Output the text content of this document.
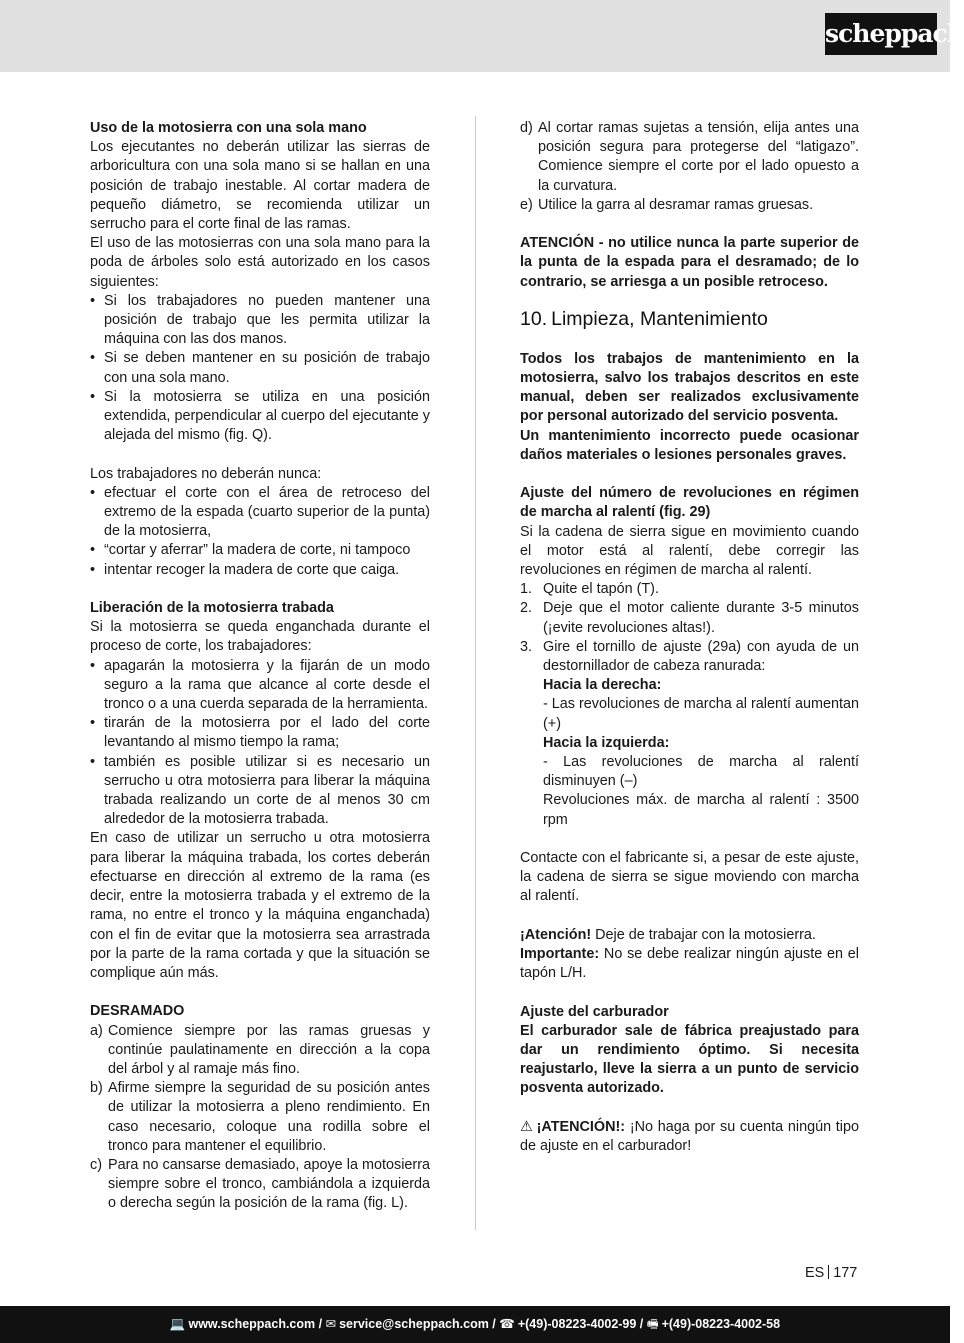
scheppach

Uso de la motosierra con una sola mano

Los ejecutantes no deberán utilizar las sierras de arboricultura con una sola mano si se hallan en una posición de trabajo inestable. Al cortar madera de pequeño diámetro, se recomienda utilizar un serrucho para el corte final de las ramas.

El uso de las motosierras con una sola mano para la poda de árboles solo está autorizado en los casos siguientes:

• Si los trabajadores no pueden mantener una posición de trabajo que les permita utilizar la máquina con las dos manos.
• Si se deben mantener en su posición de trabajo con una sola mano.
• Si la motosierra se utiliza en una posición extendida, perpendicular al cuerpo del ejecutante y alejada del mismo (fig. Q).

Los trabajadores no deberán nunca:

• efectuar el corte con el área de retroceso del extremo de la espada (cuarto superior de la punta) de la motosierra,
• “cortar y aferrar” la madera de corte, ni tampoco
• intentar recoger la madera de corte que caiga.

Liberación de la motosierra trabada

Si la motosierra se queda enganchada durante el proceso de corte, los trabajadores:

• apagarán la motosierra y la fijarán de un modo seguro a la rama que alcance al corte desde el tronco o a una cuerda separada de la herramienta.
• tirarán de la motosierra por el lado del corte levantando al mismo tiempo la rama;
• también es posible utilizar si es necesario un serrucho u otra motosierra para liberar la máquina trabada realizando un corte de al menos 30 cm alrededor de la motosierra trabada.

En caso de utilizar un serrucho u otra motosierra para liberar la máquina trabada, los cortes deberán efectuarse en dirección al extremo de la rama (es decir, entre la motosierra trabada y el extremo de la rama, no entre el tronco y la máquina enganchada) con el fin de evitar que la motosierra sea arrastrada por la parte de la rama cortada y que la situación se complique aún más.

DESRAMADO

a) Comience siempre por las ramas gruesas y continúe paulatinamente en dirección a la copa del árbol y al ramaje más fino.
b) Afirme siempre la seguridad de su posición antes de utilizar la motosierra a pleno rendimiento. En caso necesario, coloque una rodilla sobre el tronco para mantener el equilibrio.
c) Para no cansarse demasiado, apoye la motosierra siempre sobre el tronco, cambiándola a izquierda o derecha según la posición de la rama (fig. L).
d) Al cortar ramas sujetas a tensión, elija antes una posición segura para protegerse del “latigazo”. Comience siempre el corte por el lado opuesto a la curvatura.
e) Utilice la garra al desramar ramas gruesas.

ATENCIÓN - no utilice nunca la parte superior de la punta de la espada para el desramado; de lo contrario, se arriesga a un posible retroceso.

10. Limpieza, Mantenimiento

Todos los trabajos de mantenimiento en la motosierra, salvo los trabajos descritos en este manual, deben ser realizados exclusivamente por personal autorizado del servicio posventa.

Un mantenimiento incorrecto puede ocasionar daños materiales o lesiones personales graves.

Ajuste del número de revoluciones en régimen de marcha al ralentí (fig. 29)

Si la cadena de sierra sigue en movimiento cuando el motor está al ralentí, debe corregir las revoluciones en régimen de marcha al ralentí.

1. Quite el tapón (T).
2. Deje que el motor caliente durante 3-5 minutos (¡evite revoluciones altas!).
3. Gire el tornillo de ajuste (29a) con ayuda de un destornillador de cabeza ranurada:
Hacia la derecha:
- Las revoluciones de marcha al ralentí aumentan (+)
Hacia la izquierda:
- Las revoluciones de marcha al ralentí disminuyen (–)
Revoluciones máx. de marcha al ralentí : 3500 rpm

Contacte con el fabricante si, a pesar de este ajuste, la cadena de sierra se sigue moviendo con marcha al ralentí.

¡Atención! Deje de trabajar con la motosierra.

Importante: No se debe realizar ningún ajuste en el tapón L/H.

Ajuste del carburador

El carburador sale de fábrica preajustado para dar un rendimiento óptimo. Si necesita reajustarlo, lleve la sierra a un punto de servicio posventa autorizado.

⚠ ¡ATENCIÓN!: ¡No haga por su cuenta ningún tipo de ajuste en el carburador!

ES 177
💻 www.scheppach.com / ✉ service@scheppach.com / ☎ +(49)-08223-4002-99 / 🖷 +(49)-08223-4002-58
